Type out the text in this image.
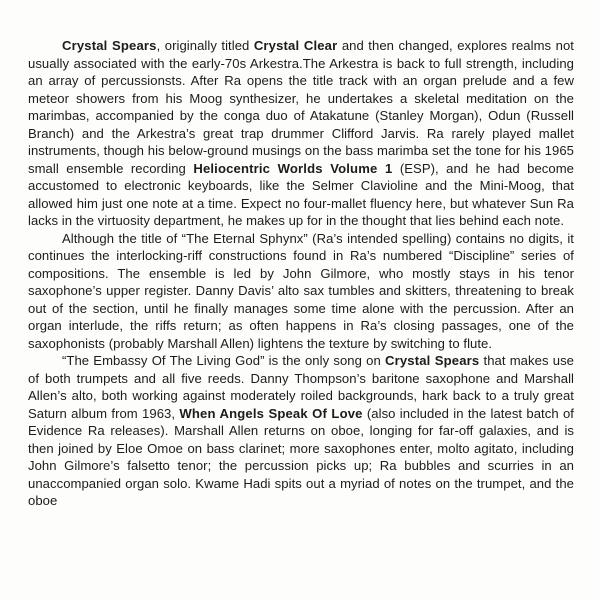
Crystal Spears, originally titled Crystal Clear and then changed, explores realms not usually associated with the early-70s Arkestra.The Arkestra is back to full strength, including an array of percussionsts. After Ra opens the title track with an organ prelude and a few meteor showers from his Moog synthesizer, he undertakes a skeletal meditation on the marimbas, accompanied by the conga duo of Atakatune (Stanley Morgan), Odun (Russell Branch) and the Arkestra’s great trap drummer Clifford Jarvis. Ra rarely played mallet instruments, though his below-ground musings on the bass marimba set the tone for his 1965 small ensemble recording Heliocentric Worlds Volume 1 (ESP), and he had become accustomed to electronic keyboards, like the Selmer Clavioline and the Mini-Moog, that allowed him just one note at a time. Expect no four-mallet fluency here, but whatever Sun Ra lacks in the virtuosity department, he makes up for in the thought that lies behind each note.

Although the title of “The Eternal Sphynx” (Ra’s intended spelling) contains no digits, it continues the interlocking-riff constructions found in Ra’s numbered “Discipline” series of compositions. The ensemble is led by John Gilmore, who mostly stays in his tenor saxophone’s upper register. Danny Davis’ alto sax tumbles and skitters, threatening to break out of the section, until he finally manages some time alone with the percussion. After an organ interlude, the riffs return; as often happens in Ra’s closing passages, one of the saxophonists (probably Marshall Allen) lightens the texture by switching to flute.

“The Embassy Of The Living God” is the only song on Crystal Spears that makes use of both trumpets and all five reeds. Danny Thompson’s baritone saxophone and Marshall Allen’s alto, both working against moderately roiled backgrounds, hark back to a truly great Saturn album from 1963, When Angels Speak Of Love (also included in the latest batch of Evidence Ra releases). Marshall Allen returns on oboe, longing for far-off galaxies, and is then joined by Eloe Omoe on bass clarinet; more saxophones enter, molto agitato, including John Gilmore’s falsetto tenor; the percussion picks up; Ra bubbles and scurries in an unaccompanied organ solo. Kwame Hadi spits out a myriad of notes on the trumpet, and the oboe
